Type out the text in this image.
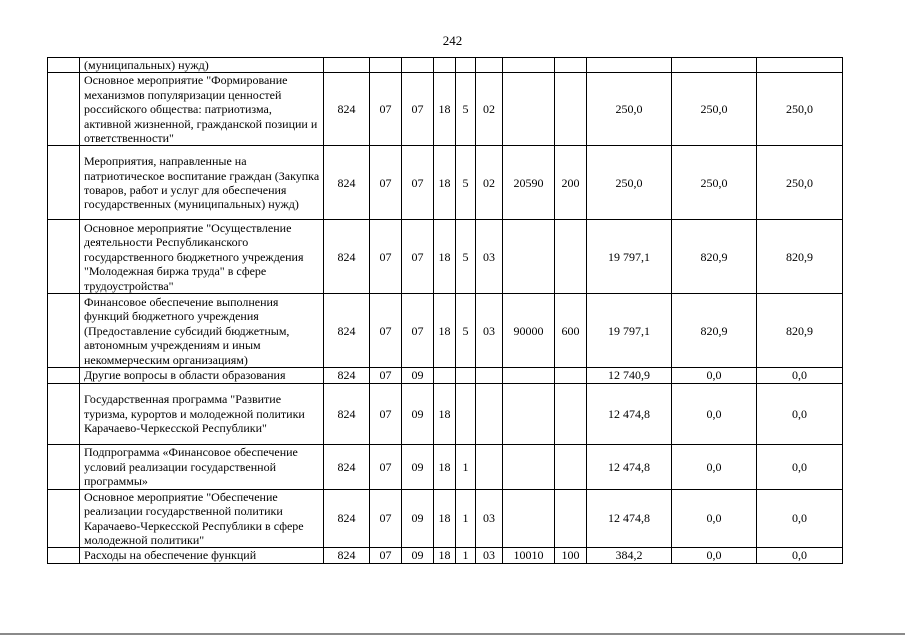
242
	(муниципальных) нужд)											
	Основное мероприятие "Формирование механизмов популяризации ценностей российского общества: патриотизма, активной жизненной, гражданской позиции и ответственности"	824	07	07	18	5	02			250,0	250,0	250,0
	Мероприятия, направленные на патриотическое воспитание граждан (Закупка товаров, работ и услуг для обеспечения государственных (муниципальных) нужд)	824	07	07	18	5	02	20590	200	250,0	250,0	250,0
	Основное мероприятие "Осуществление деятельности Республиканского государственного бюджетного учреждения "Молодежная биржа труда" в сфере трудоустройства"	824	07	07	18	5	03			19 797,1	820,9	820,9
	Финансовое обеспечение выполнения функций бюджетного учреждения (Предоставление субсидий бюджетным, автономным учреждениям и иным некоммерческим организациям)	824	07	07	18	5	03	90000	600	19 797,1	820,9	820,9
	Другие вопросы в области образования	824	07	09						12 740,9	0,0	0,0
	Государственная программа "Развитие туризма, курортов и молодежной политики Карачаево-Черкесской Республики"	824	07	09	18					12 474,8	0,0	0,0
	Подпрограмма «Финансовое обеспечение условий реализации государственной программы»	824	07	09	18	1				12 474,8	0,0	0,0
	Основное мероприятие "Обеспечение реализации государственной политики Карачаево-Черкесской Республики в сфере молодежной политики"	824	07	09	18	1	03			12 474,8	0,0	0,0
	Расходы на обеспечение функций	824	07	09	18	1	03	10010	100	384,2	0,0	0,0
